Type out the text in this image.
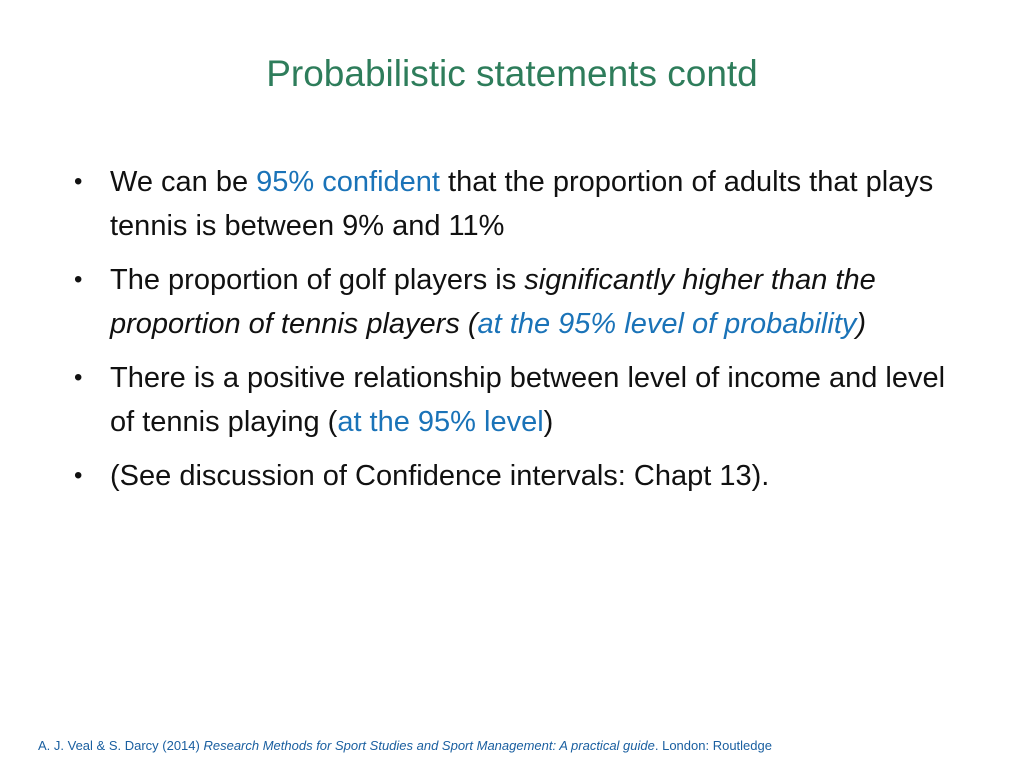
Probabilistic statements contd
• We can be 95% confident that the proportion of adults that plays tennis is between 9% and 11%
• The proportion of golf players is significantly higher than the proportion of tennis players (at the 95% level of probability)
• There is a positive relationship between level of income and level of tennis playing (at the 95% level)
• (See discussion of Confidence intervals: Chapt 13).
A. J. Veal & S. Darcy (2014) Research Methods for Sport Studies and Sport Management: A practical guide. London: Routledge
